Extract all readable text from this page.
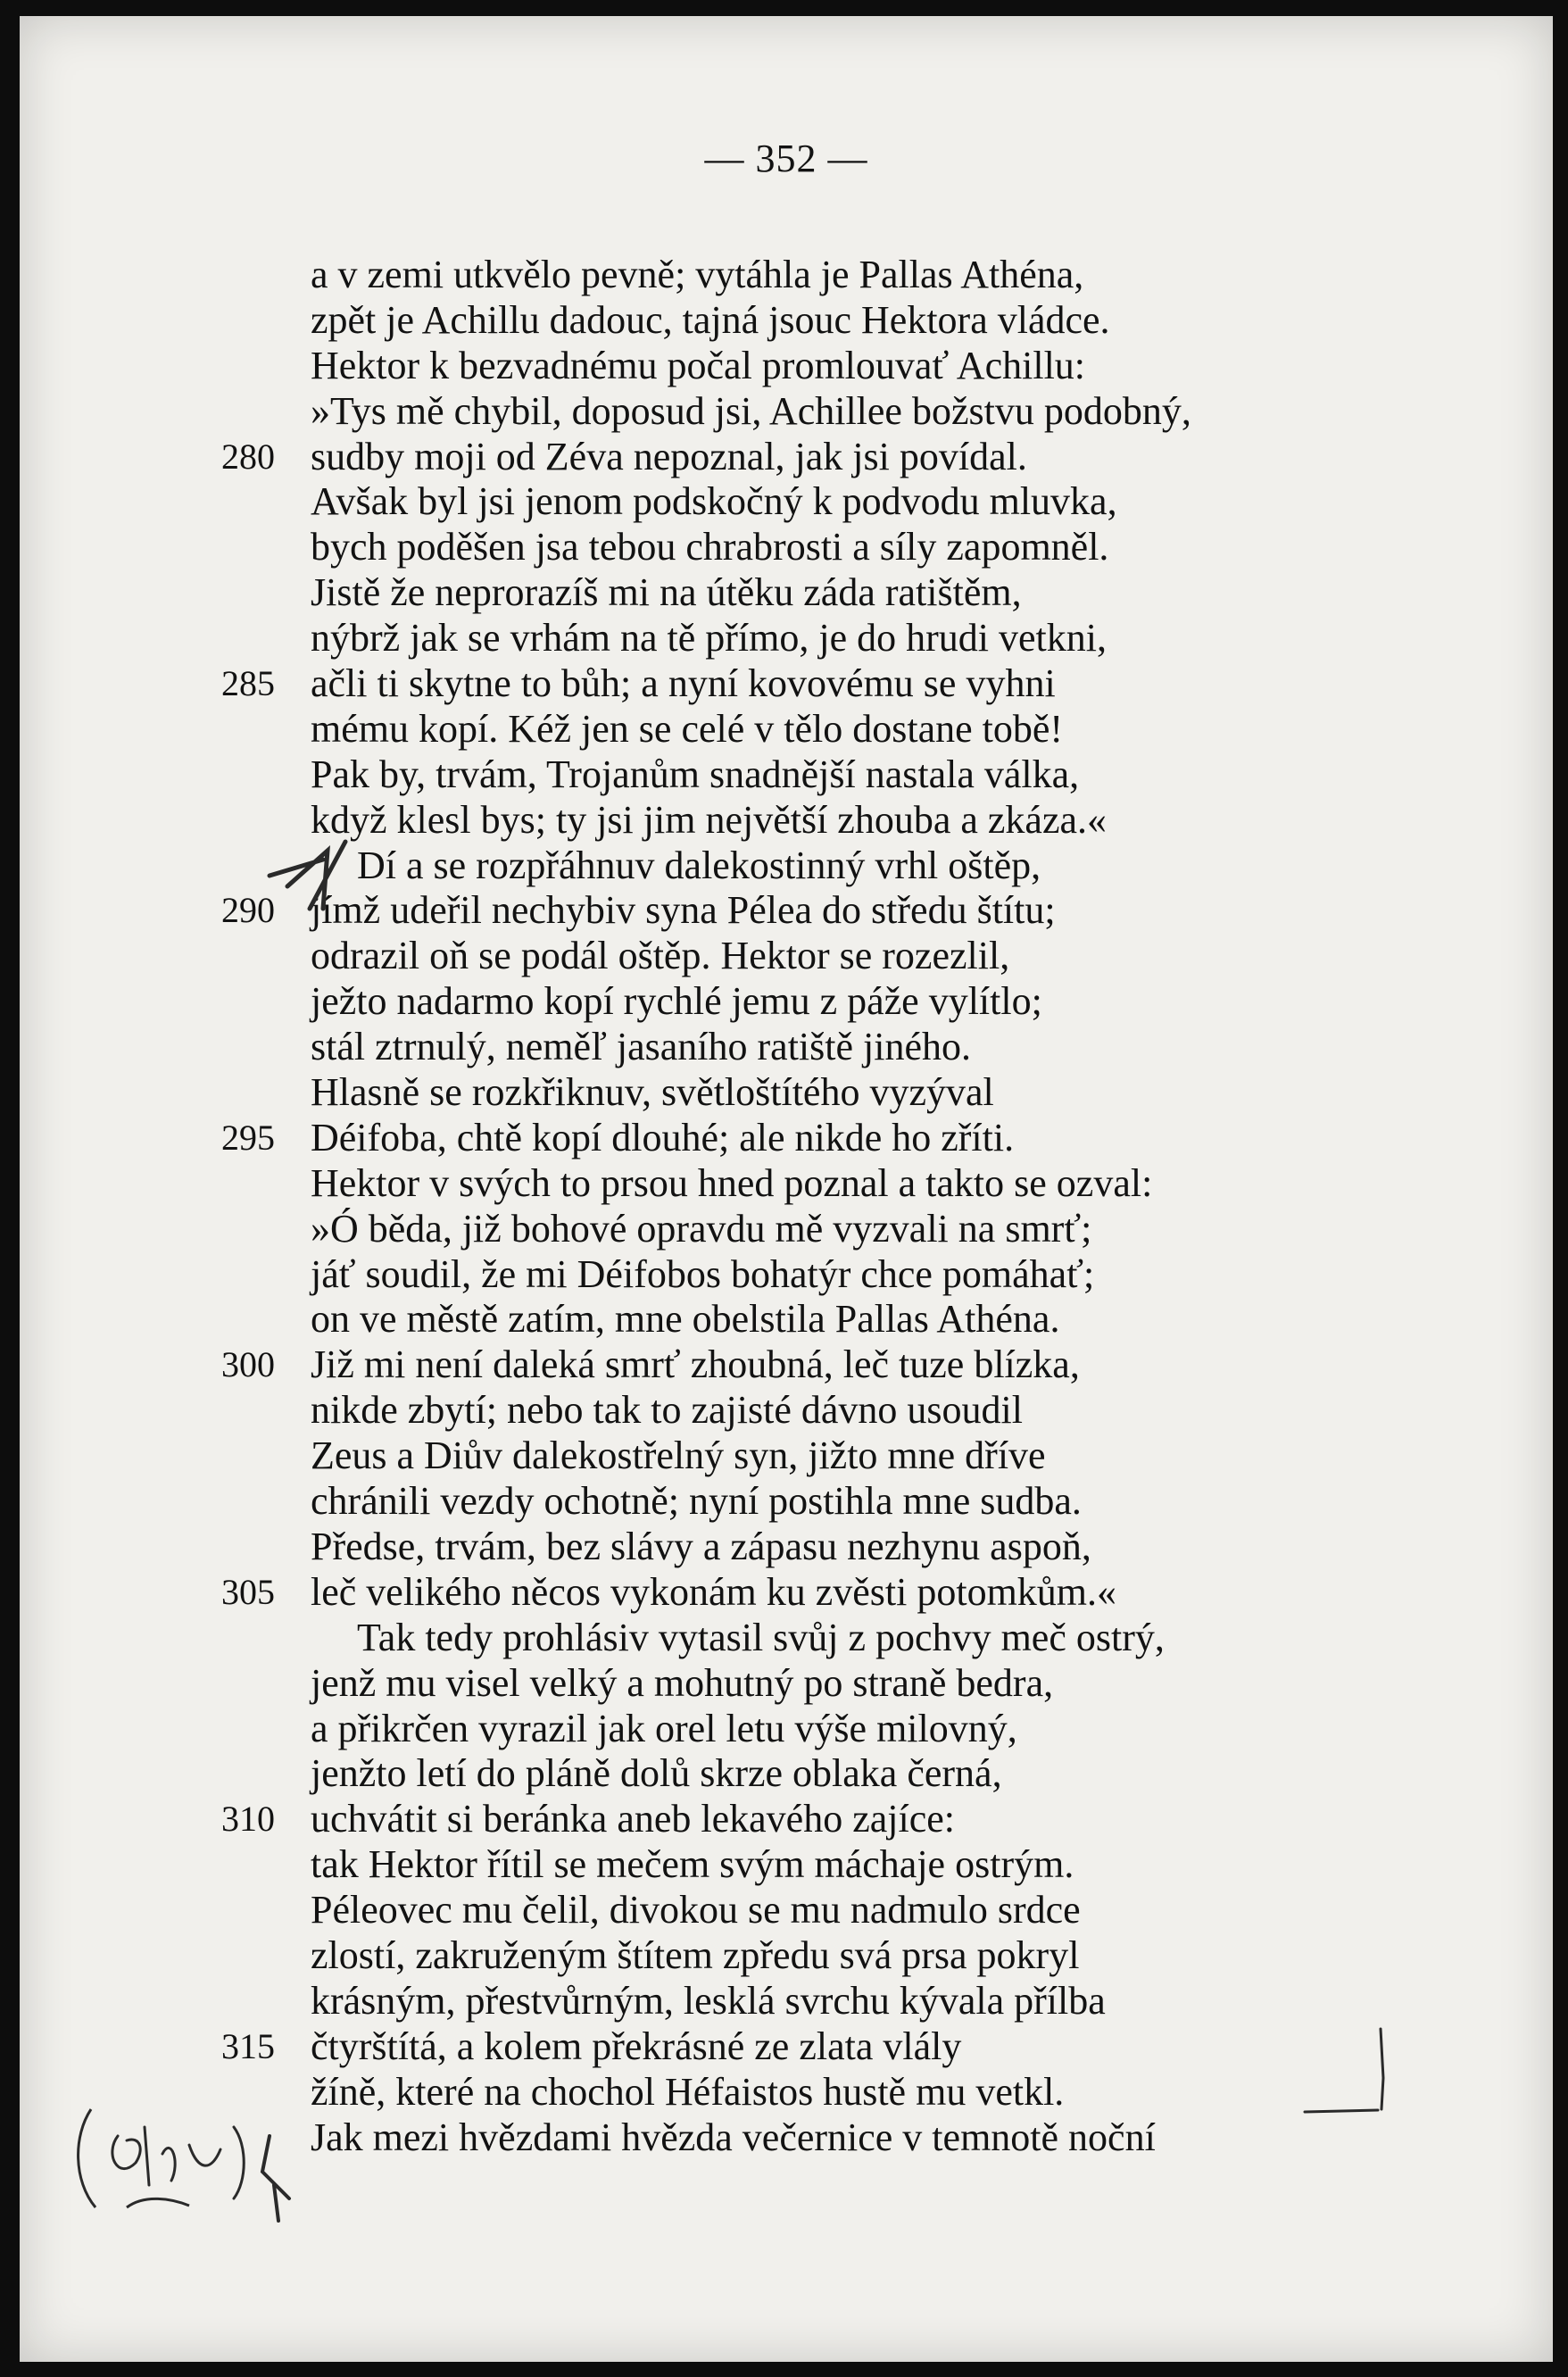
— 352 —
a v zemi utkvělo pevně; vytáhla je Pallas Athéna,
zpět je Achillu dadouc, tajná jsouc Hektora vládce.
Hektor k bezvadnému počal promlouvať Achillu:
»Tys mě chybil, doposud jsi, Achillee božstvu podobný,
280 sudby moji od Zéva nepoznal, jak jsi povídal.
Avšak byl jsi jenom podskočný k podvodu mluvka,
bych poděšen jsa tebou chrabrosti a síly zapomněl.
Jistě že neprorazíš mi na útěku záda ratištěm,
nýbrž jak se vrhám na tě přímo, je do hrudi vetkni,
285 ačli ti skytne to bůh; a nyní kovovému se vyhni
mému kopí. Kéž jen se celé v tělo dostane tobě!
Pak by, trvám, Trojanům snadnější nastala válka,
když klesl bys; ty jsi jim největší zhouba a zkáza.«
Dí a se rozpřáhnuv dalekostinný vrhl oštěp,
290 jímž udeřil nechybiv syna Pélea do středu štítu;
odrazil oň se podál oštěp. Hektor se rozezlil,
ježto nadarmo kopí rychlé jemu z páže vylítlo;
stál ztrnulý, neměľ jasaního ratiště jiného.
Hlasně se rozkřiknuv, světloštítého vyzýval
295 Déifoba, chtě kopí dlouhé; ale nikde ho zříti.
Hektor v svých to prsou hned poznal a takto se ozval:
»Ó běda, již bohové opravdu mě vyzvali na smrť;
jáť soudil, že mi Déifobos bohatýr chce pomáhať;
on ve městě zatím, mne obelstila Pallas Athéna.
300 Již mi není daleká smrť zhoubná, leč tuze blízka,
nikde zbytí; nebo tak to zajisté dávno usoudil
Zeus a Diův dalekostřelný syn, jižto mne dříve
chránili vezdy ochotně; nyní postihla mne sudba.
Předse, trvám, bez slávy a zápasu nezhynu aspoň,
305 leč velikého něcos vykonám ku zvěsti potomkům.«
Tak tedy prohlásiv vytasil svůj z pochvy meč ostrý,
jenž mu visel velký a mohutný po straně bedra,
a přikrčen vyrazil jak orel letu výše milovný,
jenžto letí do pláně dolů skrze oblaka černá,
310 uchvátit si beránka aneb lekavého zajíce:
tak Hektor řítil se mečem svým máchaje ostrým.
Péleovec mu čelil, divokou se mu nadmulo srdce
zlostí, zakruženým štítem zpředu svá prsa pokryl
krásným, přestvůrným, lesklá svrchu kývala přílba
315 čtyrštítá, a kolem překrásné ze zlata vlály
žíně, které na chochol Héfaistos hustě mu vetkl.
Jak mezi hvězdami hvězda večernice v temnotě noční
